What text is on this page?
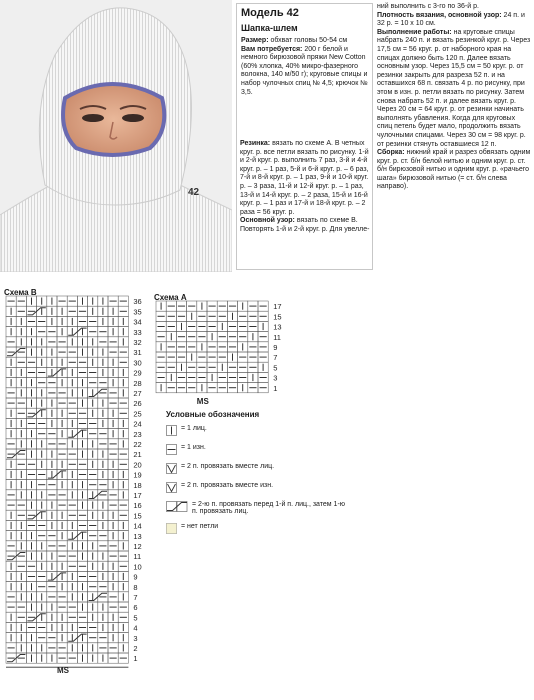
42
Модель 42
Шапка-шлем
Размер: обхват головы 50-54 см
Вам потребуется: 200 г белой и немного бирюзовой пряжи New Cotton (60% хлопка, 40% микро-фазерного волокна, 140 м/50 г); круговые спицы и набор чулочных спиц № 4,5; крючок № 3,5.
Резинка: вязать по схеме А. В четных круг. р. все петли вязать по рисунку. 1-й и 2-й круг. р. выполнить 7 раз, 3-й и 4-й круг. р. – 1 раз, 5-й и 6-й круг. р. – 6 раз, 7-й и 8-й круг. р. – 1 раз, 9-й и 10-й круг. р. – 3 раза, 11-й и 12-й круг. р. – 1 раз, 13-й и 14-й круг. р. – 2 раза, 15-й и 16-й круг. р. – 1 раз и 17-й и 18-й круг. р. – 2 раза = 56 круг. р.
Основной узор: вязать по схеме В. Повторять 1-й и 2-й круг. р. Для увелле-
ний выполнить с 3-го по 36-й р.
Плотность вязания, основной узор: 24 п. и 32 р. = 10 х 10 см.
Выполнение работы: на круговые спицы набрать 240 п. и вязать резинкой круг. р. Через 17,5 см = 56 круг. р. от наборного края на спицах должно быть 120 п. Далее вязать основным узор. Через 15,5 см = 50 круг. р. от резинки закрыть для разреза 52 п. и на оставшихся 68 п. связать 4 р. по рисунку, при этом в изн. р. петли вязать по рисунку. Затем снова набрать 52 п. и далее вязать круг. р. Через 20 см = 64 круг. р. от резинки начинать выполнять убавления. Когда для круговых спиц петель будет мало, продолжить вязать чулочными спицами. Через 30 см = 98 круг. р. от резинки стянуть оставшиеся 12 п.
Сборка: нижний край и разрез обвязать одним круг. р. ст. б/н белой нитью и одним круг. р. ст. б/н бирюзовой нитью и одним круг. р. «рачьего шага» бирюзовой нитью (= ст. б/н слева направо).
Схема В
36
35
34
33
32
31
30
29
28
27
26
25
24
23
22
21
20
19
18
17
16
15
14
13
12
11
10
9
8
7
6
5
4
3
2
1
MS
Схема А
17
15
13
11
9
7
5
3
1
MS
Условные обозначения
= 1 лиц.
= 1 изн.
= 2 п. провязать вместе лиц.
= 2 п. провязать вместе изн.
= 2-ю п. провязать перед 1-й п. лиц., затем 1-ю п. провязать лиц.
= нет петли
